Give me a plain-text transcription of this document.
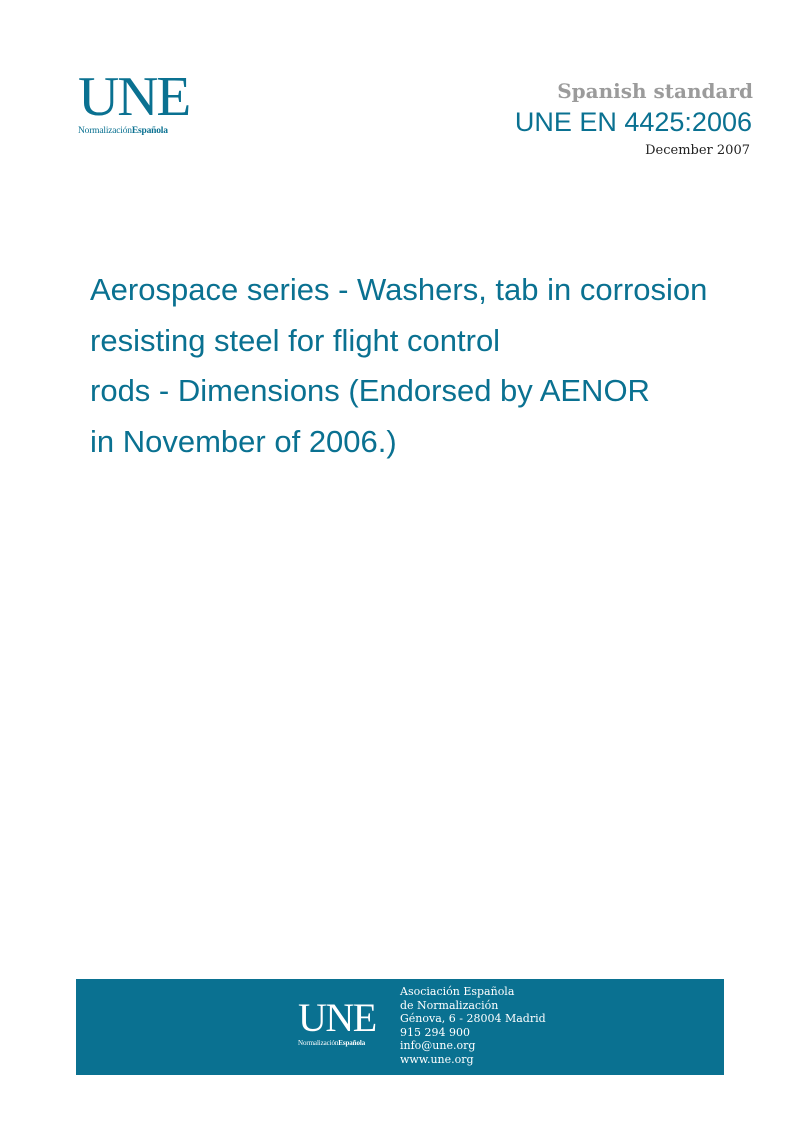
UNE
NormalizaciónEspañola
Spanish standard
UNE EN 4425:2006
December 2007
Aerospace series - Washers, tab in corrosion
resisting steel for flight control
rods - Dimensions (Endorsed by AENOR
in November of 2006.)
UNE
NormalizaciónEspañola
Asociación Española
de Normalización
Génova, 6 - 28004 Madrid
915 294 900
info@une.org
www.une.org
